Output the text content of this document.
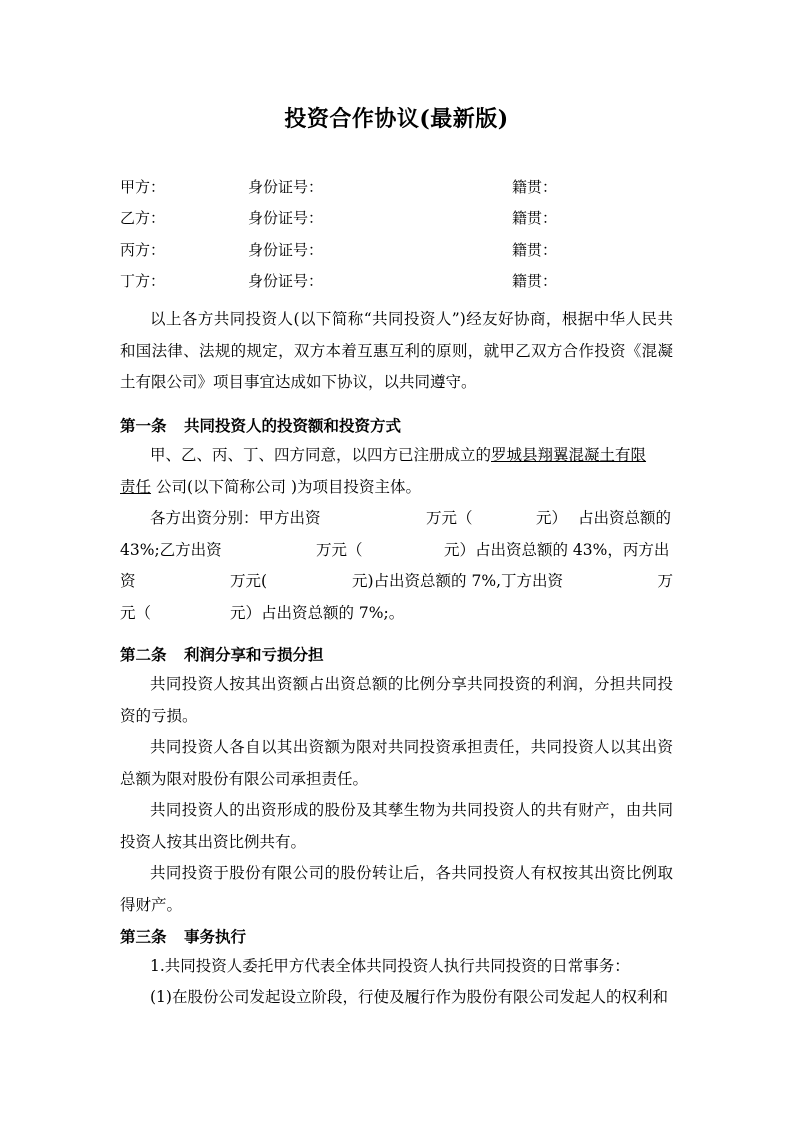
投资合作协议(最新版)
甲方：	身份证号：	籍贯：
乙方：	身份证号：	籍贯：
丙方：	身份证号：	籍贯：
丁方：	身份证号：	籍贯：
以上各方共同投资人(以下简称“共同投资人”)经友好协商，根据中华人民共和国法律、法规的规定，双方本着互惠互利的原则，就甲乙双方合作投资《混凝土有限公司》项目事宜达成如下协议，以共同遵守。
第一条 共同投资人的投资额和投资方式
甲、乙、丙、丁、四方同意，以四方已注册成立的罗城县翔翼混凝土有限
责任 公司(以下简称公司 )为项目投资主体。
各方出资分别：甲方出资	万元（	元） 占出资总额的
43%;乙方出资	万元（	元）占出资总额的 43%，丙方出
资	万元(	元)占出资总额的 7%,丁方出资	万
元（	元）占出资总额的 7%;。
第二条 利润分享和亏损分担
共同投资人按其出资额占出资总额的比例分享共同投资的利润，分担共同投资的亏损。
共同投资人各自以其出资额为限对共同投资承担责任，共同投资人以其出资总额为限对股份有限公司承担责任。
共同投资人的出资形成的股份及其孳生物为共同投资人的共有财产，由共同投资人按其出资比例共有。
共同投资于股份有限公司的股份转让后，各共同投资人有权按其出资比例取得财产。
第三条 事务执行
1.共同投资人委托甲方代表全体共同投资人执行共同投资的日常事务：
(1)在股份公司发起设立阶段，行使及履行作为股份有限公司发起人的权利和
